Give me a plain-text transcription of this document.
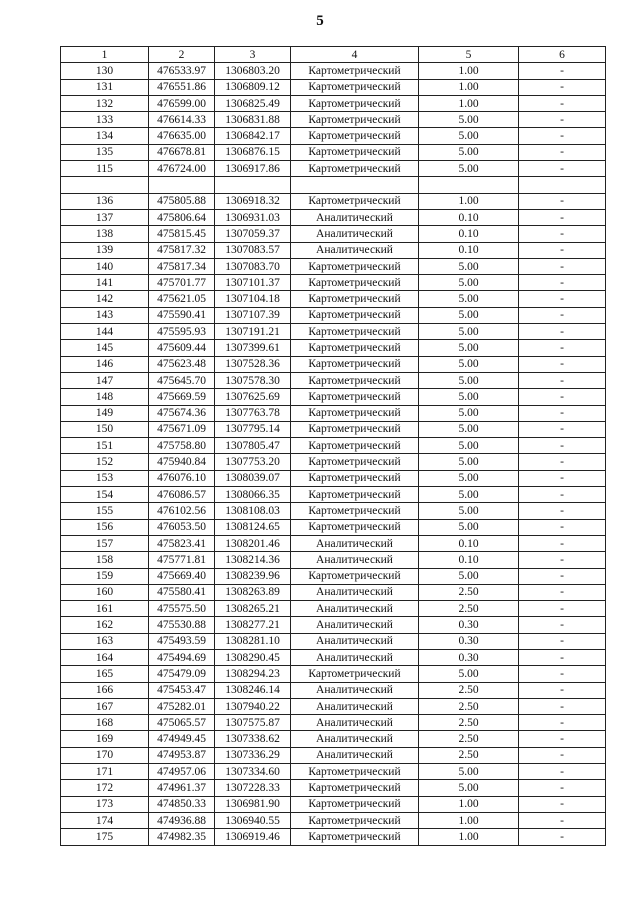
5
1	2	3	4	5	6
130	476533.97	1306803.20	Картометрический	1.00	-
131	476551.86	1306809.12	Картометрический	1.00	-
132	476599.00	1306825.49	Картометрический	1.00	-
133	476614.33	1306831.88	Картометрический	5.00	-
134	476635.00	1306842.17	Картометрический	5.00	-
135	476678.81	1306876.15	Картометрический	5.00	-
115	476724.00	1306917.86	Картометрический	5.00	-

136	475805.88	1306918.32	Картометрический	1.00	-
137	475806.64	1306931.03	Аналитический	0.10	-
138	475815.45	1307059.37	Аналитический	0.10	-
139	475817.32	1307083.57	Аналитический	0.10	-
140	475817.34	1307083.70	Картометрический	5.00	-
141	475701.77	1307101.37	Картометрический	5.00	-
142	475621.05	1307104.18	Картометрический	5.00	-
143	475590.41	1307107.39	Картометрический	5.00	-
144	475595.93	1307191.21	Картометрический	5.00	-
145	475609.44	1307399.61	Картометрический	5.00	-
146	475623.48	1307528.36	Картометрический	5.00	-
147	475645.70	1307578.30	Картометрический	5.00	-
148	475669.59	1307625.69	Картометрический	5.00	-
149	475674.36	1307763.78	Картометрический	5.00	-
150	475671.09	1307795.14	Картометрический	5.00	-
151	475758.80	1307805.47	Картометрический	5.00	-
152	475940.84	1307753.20	Картометрический	5.00	-
153	476076.10	1308039.07	Картометрический	5.00	-
154	476086.57	1308066.35	Картометрический	5.00	-
155	476102.56	1308108.03	Картометрический	5.00	-
156	476053.50	1308124.65	Картометрический	5.00	-
157	475823.41	1308201.46	Аналитический	0.10	-
158	475771.81	1308214.36	Аналитический	0.10	-
159	475669.40	1308239.96	Картометрический	5.00	-
160	475580.41	1308263.89	Аналитический	2.50	-
161	475575.50	1308265.21	Аналитический	2.50	-
162	475530.88	1308277.21	Аналитический	0.30	-
163	475493.59	1308281.10	Аналитический	0.30	-
164	475494.69	1308290.45	Аналитический	0.30	-
165	475479.09	1308294.23	Картометрический	5.00	-
166	475453.47	1308246.14	Аналитический	2.50	-
167	475282.01	1307940.22	Аналитический	2.50	-
168	475065.57	1307575.87	Аналитический	2.50	-
169	474949.45	1307338.62	Аналитический	2.50	-
170	474953.87	1307336.29	Аналитический	2.50	-
171	474957.06	1307334.60	Картометрический	5.00	-
172	474961.37	1307228.33	Картометрический	5.00	-
173	474850.33	1306981.90	Картометрический	1.00	-
174	474936.88	1306940.55	Картометрический	1.00	-
175	474982.35	1306919.46	Картометрический	1.00	-
